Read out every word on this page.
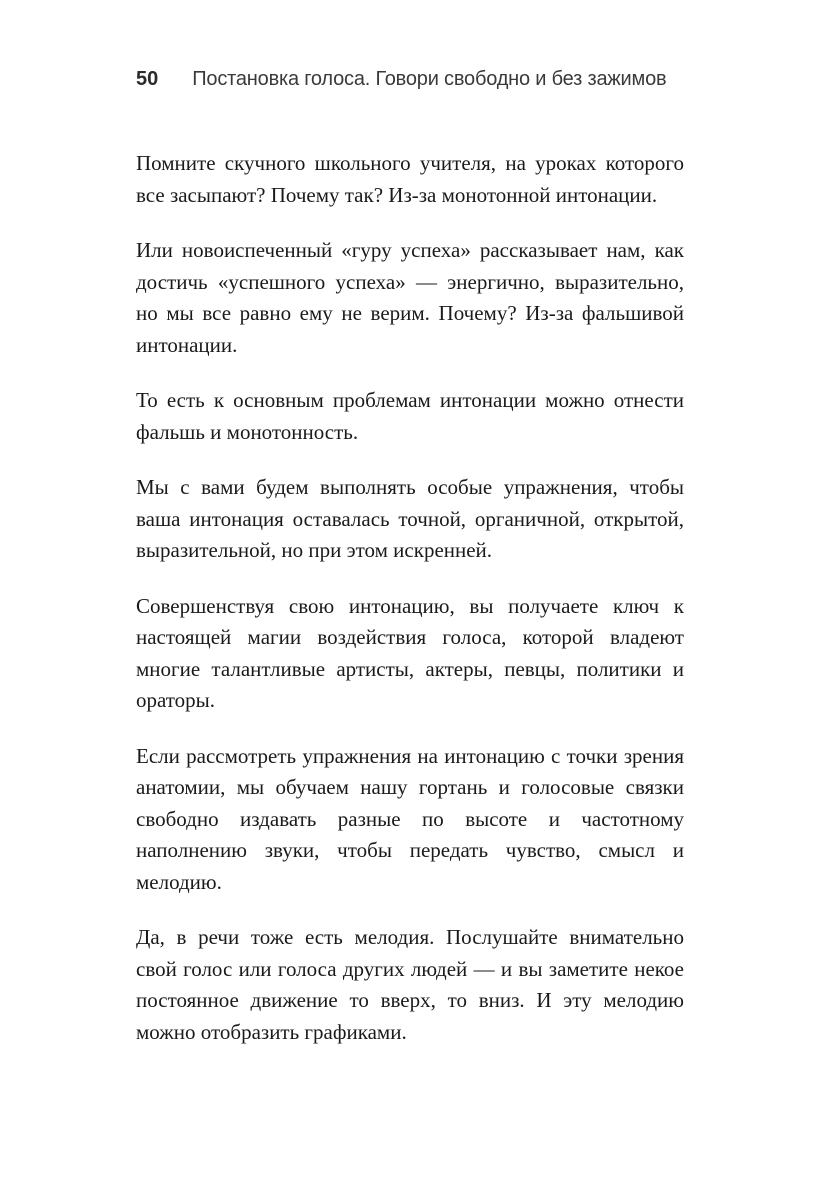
50 Постановка голоса. Говори свободно и без зажимов

Помните скучного школьного учителя, на уроках которого все засыпают? Почему так? Из-за монотонной интонации.

Или новоиспеченный «гуру успеха» рассказывает нам, как достичь «успешного успеха» — энергично, выразительно, но мы все равно ему не верим. Почему? Из-за фальшивой интонации.

То есть к основным проблемам интонации можно отнести фальшь и монотонность.

Мы с вами будем выполнять особые упражнения, чтобы ваша интонация оставалась точной, органичной, открытой, выразительной, но при этом искренней.

Совершенствуя свою интонацию, вы получаете ключ к настоящей магии воздействия голоса, которой владеют многие талантливые артисты, актеры, певцы, политики и ораторы.

Если рассмотреть упражнения на интонацию с точки зрения анатомии, мы обучаем нашу гортань и голосовые связки свободно издавать разные по высоте и частотному наполнению звуки, чтобы передать чувство, смысл и мелодию.

Да, в речи тоже есть мелодия. Послушайте внимательно свой голос или голоса других людей — и вы заметите некое постоянное движение то вверх, то вниз. И эту мелодию можно отобразить графиками.
